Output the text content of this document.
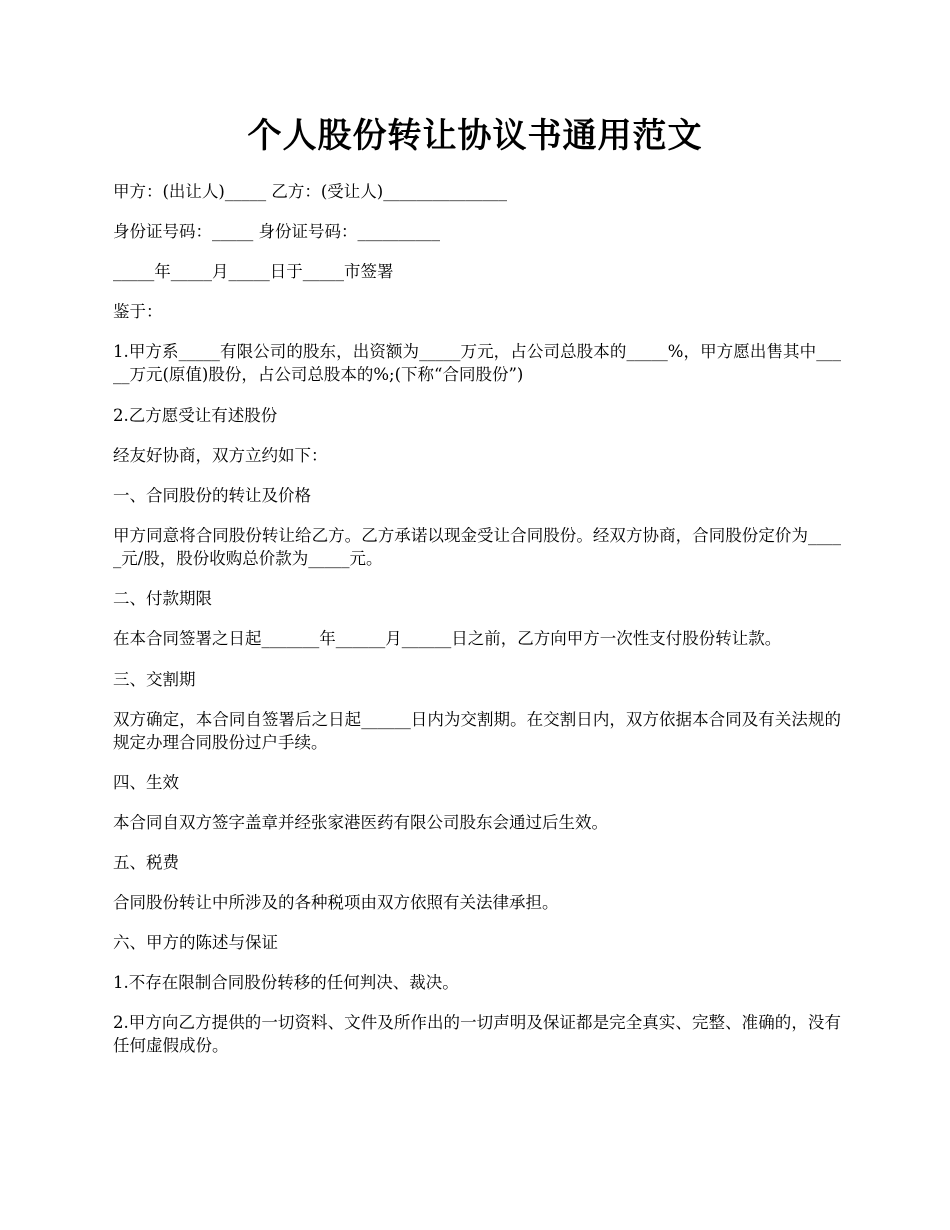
个人股份转让协议书通用范文

甲方：(出让人)_____ 乙方：(受让人)_______________

身份证号码：_____ 身份证号码：__________

_____年_____月_____日于_____市签署

鉴于：

1.甲方系_____有限公司的股东，出资额为_____万元，占公司总股本的_____%，甲方愿出售其中_____万元(原值)股份，占公司总股本的%;(下称“合同股份”)

2.乙方愿受让有述股份

经友好协商，双方立约如下：

一、合同股份的转让及价格

甲方同意将合同股份转让给乙方。乙方承诺以现金受让合同股份。经双方协商，合同股份定价为_____元/股，股份收购总价款为_____元。

二、付款期限

在本合同签署之日起_______年______月______日之前，乙方向甲方一次性支付股份转让款。

三、交割期

双方确定，本合同自签署后之日起______日内为交割期。在交割日内，双方依据本合同及有关法规的规定办理合同股份过户手续。

四、生效

本合同自双方签字盖章并经张家港医药有限公司股东会通过后生效。

五、税费

合同股份转让中所涉及的各种税项由双方依照有关法律承担。

六、甲方的陈述与保证

1.不存在限制合同股份转移的任何判决、裁决。

2.甲方向乙方提供的一切资料、文件及所作出的一切声明及保证都是完全真实、完整、准确的，没有任何虚假成份。
